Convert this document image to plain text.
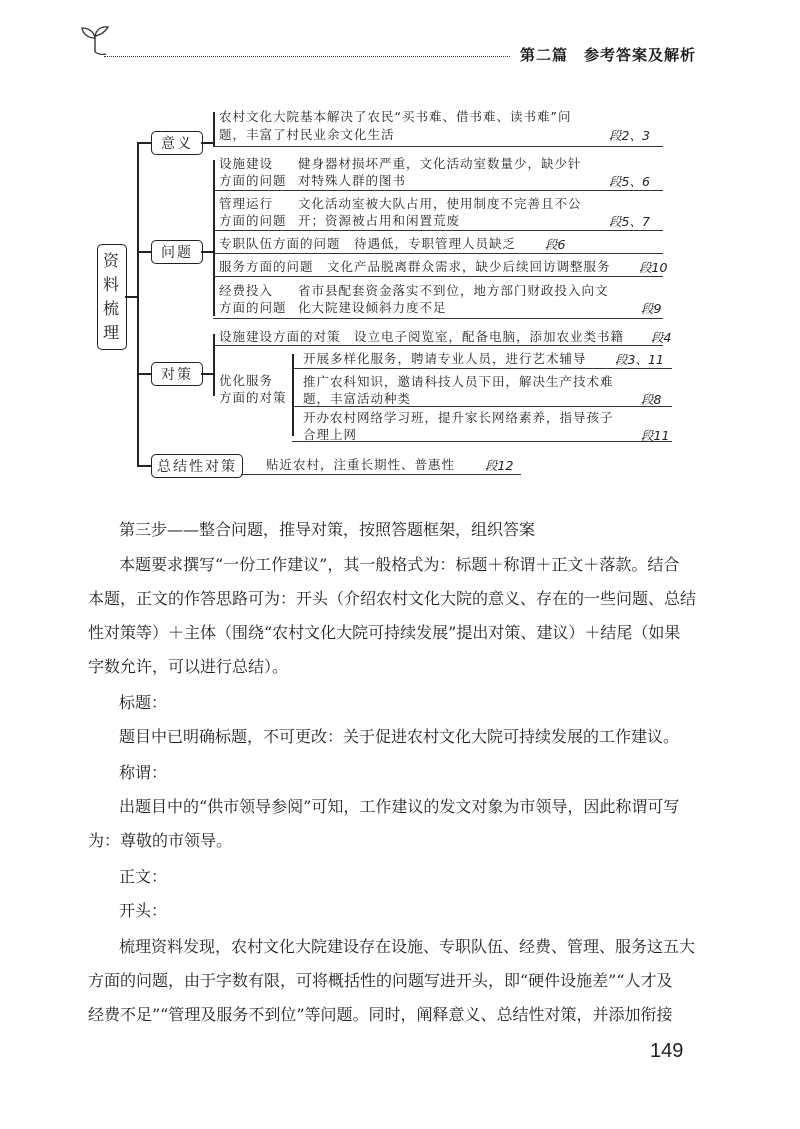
第二篇　参考答案及解析
资
料
梳
理
意义
农村文化大院基本解决了农民“买书难、借书难、读书难”问
题，丰富了村民业余文化生活	段2、3
问题
设施建设
方面的问题
健身器材损坏严重，文化活动室数量少，缺少针
对特殊人群的图书	段5、6
管理运行
方面的问题
文化活动室被大队占用，使用制度不完善且不公
开；资源被占用和闲置荒废	段5、7
专职队伍方面的问题　待遇低，专职管理人员缺乏 段6
服务方面的问题　文化产品脱离群众需求，缺少后续回访调整服务 段10
经费投入
方面的问题
省市县配套资金落实不到位，地方部门财政投入向文
化大院建设倾斜力度不足	段9
对策
设施建设方面的对策　设立电子阅览室，配备电脑，添加农业类书籍 段4
优化服务
方面的对策
开展多样化服务，聘请专业人员，进行艺术辅导 段3、11
推广农科知识，邀请科技人员下田，解决生产技术难
题，丰富活动种类	段8
开办农村网络学习班，提升家长网络素养，指导孩子
合理上网	段11
总结性对策	贴近农村，注重长期性、普惠性 段12
第三步——整合问题，推导对策，按照答题框架，组织答案
本题要求撰写“一份工作建议”，其一般格式为：标题＋称谓＋正文＋落款。结合
本题，正文的作答思路可为：开头（介绍农村文化大院的意义、存在的一些问题、总结
性对策等）＋主体（围绕“农村文化大院可持续发展”提出对策、建议）＋结尾（如果
字数允许，可以进行总结）。
标题：
题目中已明确标题，不可更改：关于促进农村文化大院可持续发展的工作建议。
称谓：
出题目中的“供市领导参阅”可知，工作建议的发文对象为市领导，因此称谓可写
为：尊敬的市领导。
正文：
开头：
梳理资料发现，农村文化大院建设存在设施、专职队伍、经费、管理、服务这五大
方面的问题，由于字数有限，可将概括性的问题写进开头，即“硬件设施差”“人才及
经费不足”“管理及服务不到位”等问题。同时，阐释意义、总结性对策，并添加衔接
149
